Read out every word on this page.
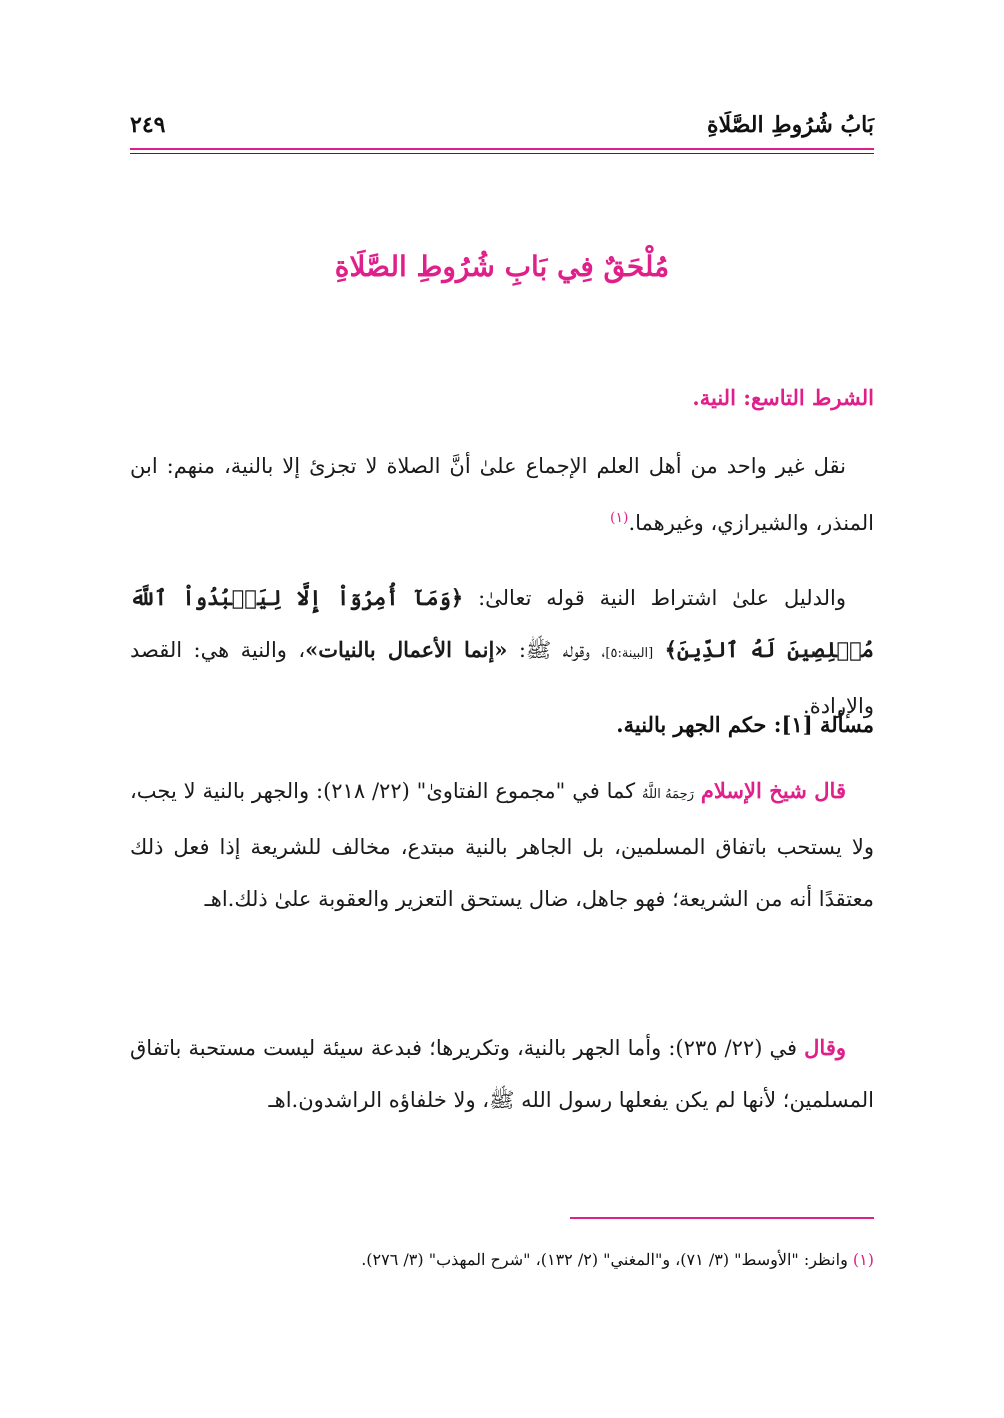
بَابُ شُرُوطِ الصَّلَاةِ
٢٤٩
مُلْحَقٌ فِي بَابِ شُرُوطِ الصَّلَاةِ
الشرط التاسع: النية.
نقل غير واحد من أهل العلم الإجماع علىٰ أنَّ الصلاة لا تجزئ إلا بالنية، منهم: ابن المنذر، والشيرازي، وغيرهما.$^{(١)}$
والدليل علىٰ اشتراط النية قوله تعالىٰ: ﴿وَمَآ أُمِرُوٓاْ إِلَّا لِيَعۡبُدُواْ ٱللَّهَ مُخۡلِصِينَ لَهُ ٱلدِّينَ﴾ [البينة:٥]، وقوله ﷺ: «إنما الأعمال بالنيات»، والنية هي: القصد والإرادة.
مسألة [١]: حكم الجهر بالنية.
قال شيخ الإسلام رَحِمَهُ اللَّهُ كما في "مجموع الفتاوىٰ" (٢٢/ ٢١٨): والجهر بالنية لا يجب، ولا يستحب باتفاق المسلمين، بل الجاهر بالنية مبتدع، مخالف للشريعة إذا فعل ذلك معتقدًا أنه من الشريعة؛ فهو جاهل، ضال يستحق التعزير والعقوبة علىٰ ذلك.اهـ
وقال في (٢٢/ ٢٣٥): وأما الجهر بالنية، وتكريرها؛ فبدعة سيئة ليست مستحبة باتفاق المسلمين؛ لأنها لم يكن يفعلها رسول الله ﷺ، ولا خلفاؤه الراشدون.اهـ
(١) وانظر: "الأوسط" (٣/ ٧١)، و"المغني" (٢/ ١٣٢)، "شرح المهذب" (٣/ ٢٧٦).
